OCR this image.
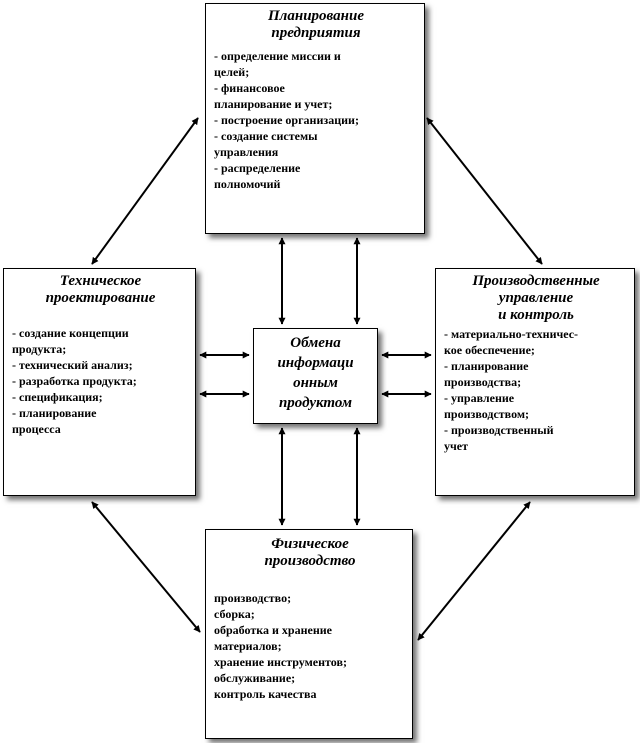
Планирование
предприятия

- определение миссии и
целей;
- финансовое
планирование и учет;
- построение организации;
- создание системы
управления
- распределение
полномочий

Техническое
проектирование

- создание концепции
продукта;
- технический анализ;
- разработка продукта;
- спецификация;
- планирование
процесса

Производственные
управление
и контроль

- материально-техничес-
кое обеспечение;
- планирование
производства;
- управление
производством;
- производственный
учет

Обмена
информаци
онным
продуктом

Физическое
производство

производство;
сборка;
обработка и хранение
материалов;
хранение инструментов;
обслуживание;
контроль качества
